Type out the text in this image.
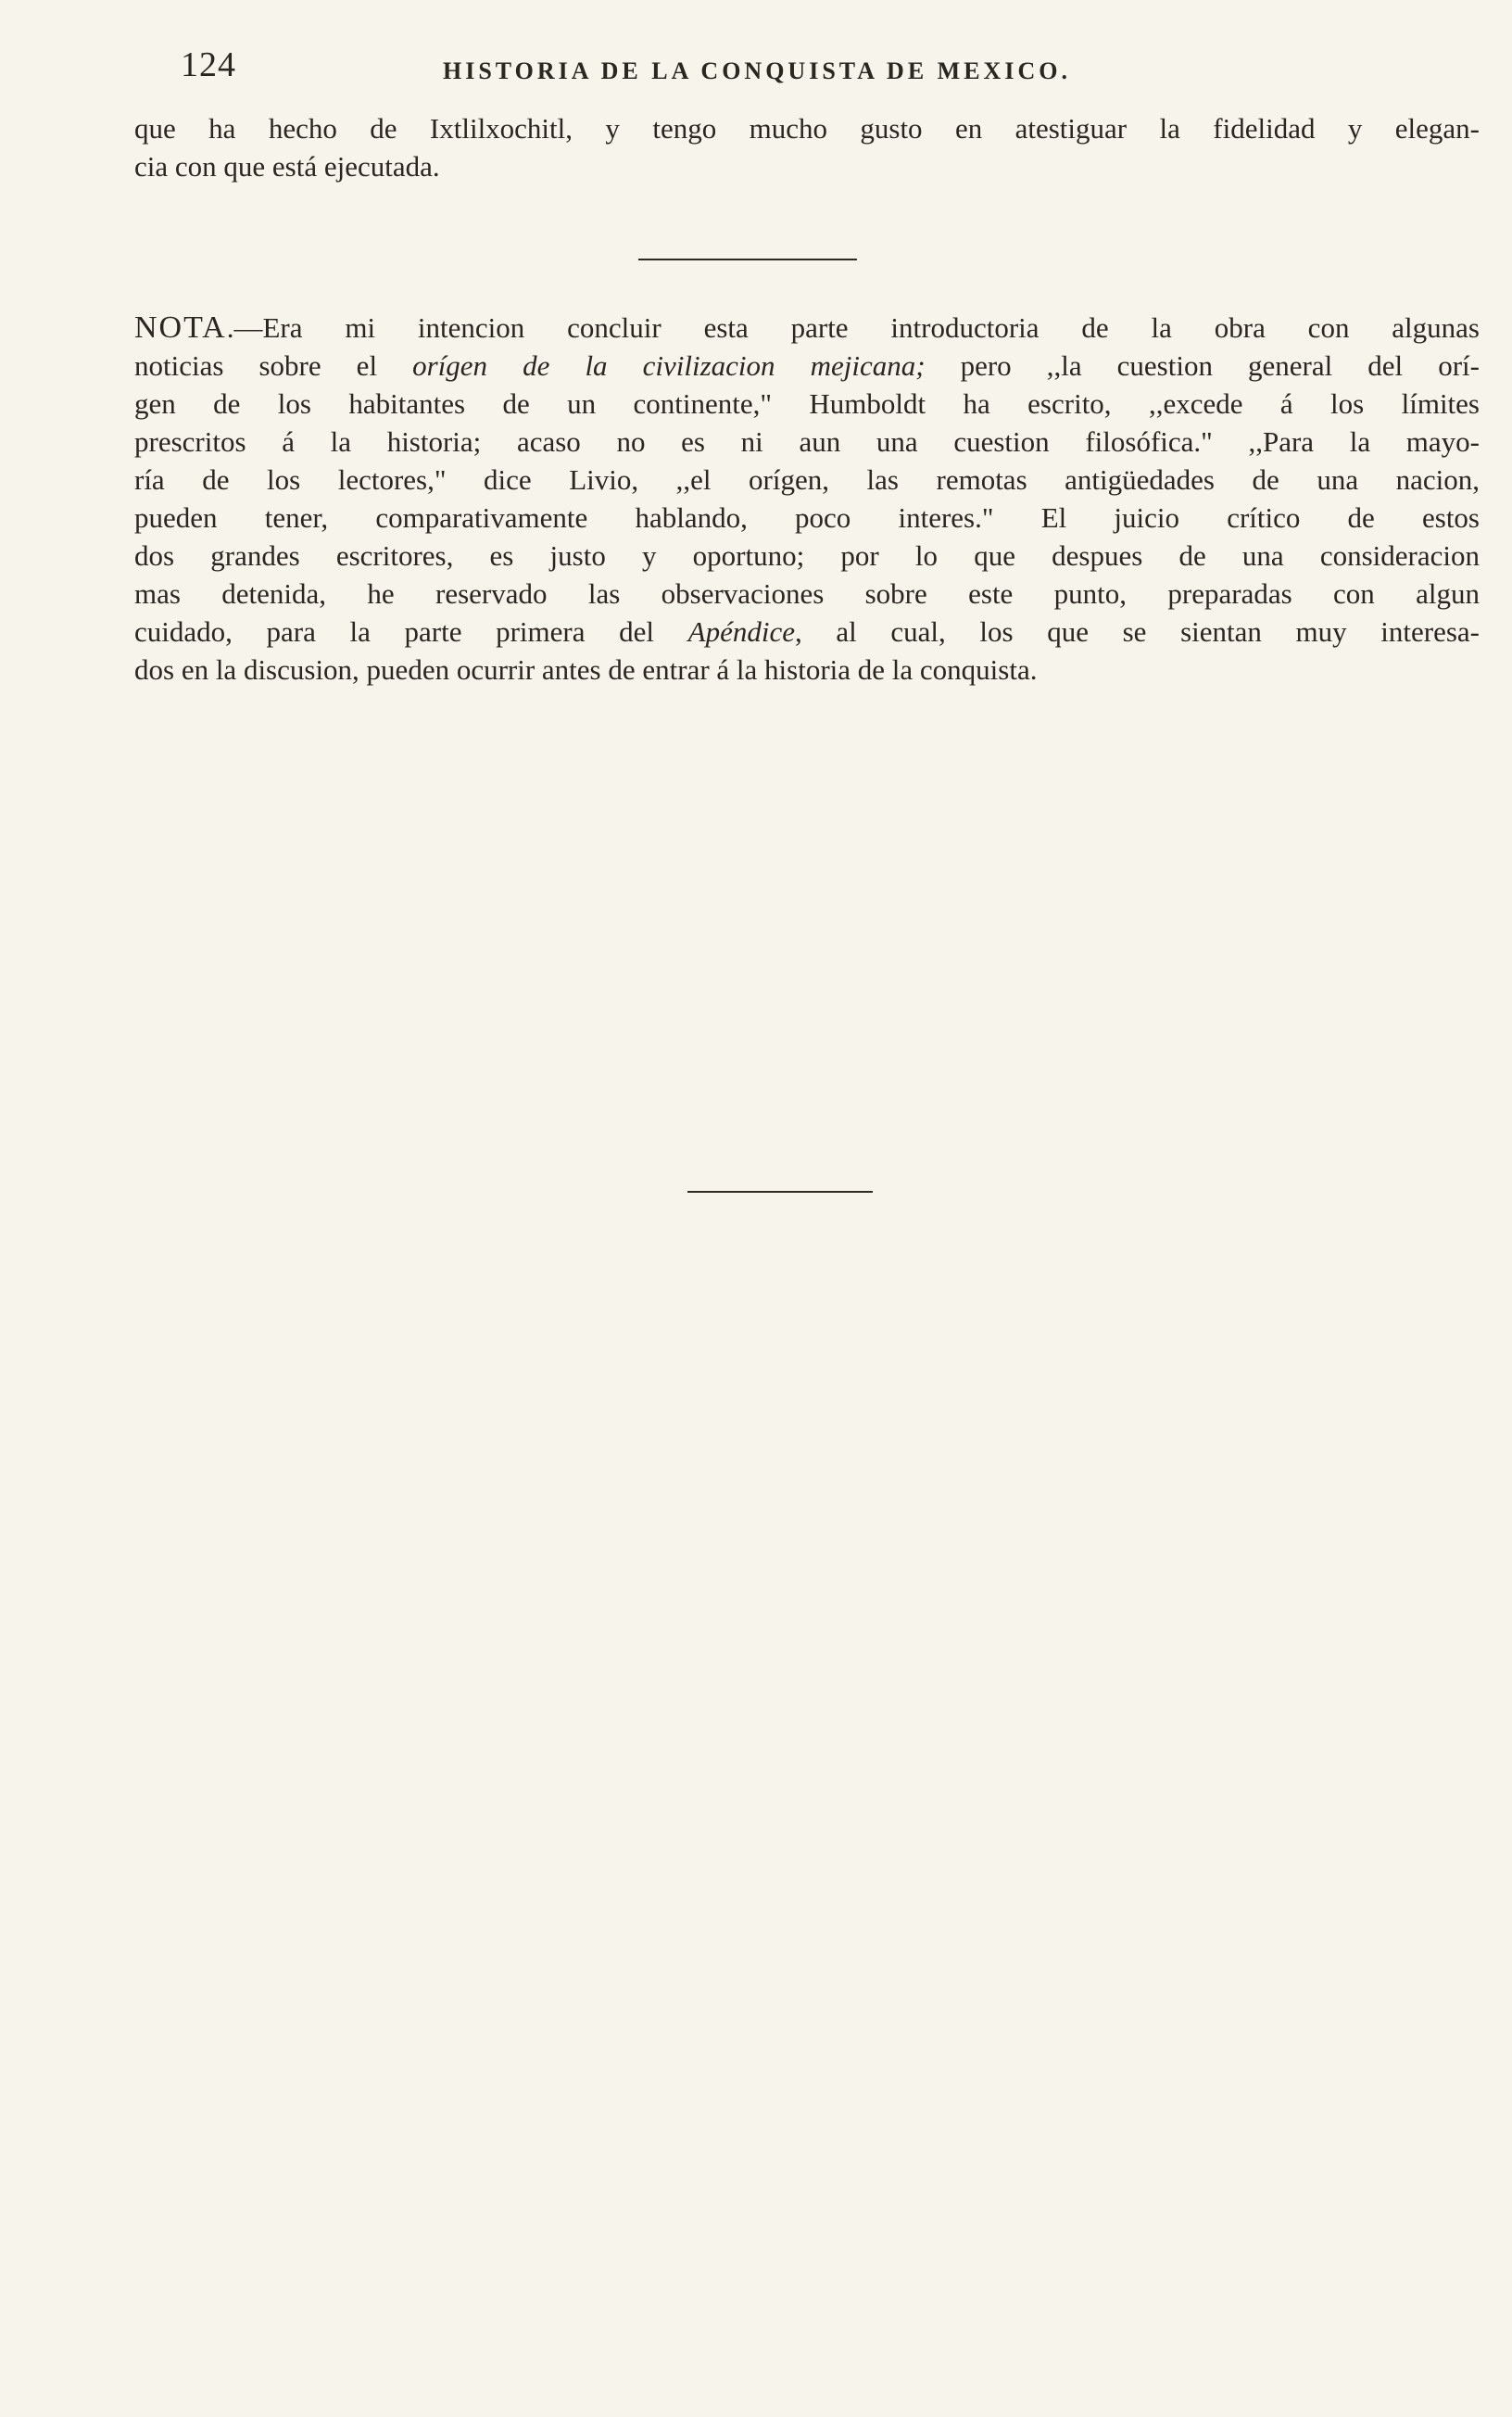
124	HISTORIA DE LA CONQUISTA DE MEXICO.
que ha hecho de Ixtlilxochitl, y tengo mucho gusto en atestiguar la fidelidad y elegan-
cia con que está ejecutada.
NOTA.—Era mi intencion concluir esta parte introductoria de la obra con algunas
noticias sobre el orígen de la civilizacion mejicana; pero ,,la cuestion general del orí-
gen de los habitantes de un continente," Humboldt ha escrito, ,,excede á los límites
prescritos á la historia; acaso no es ni aun una cuestion filosófica." ,,Para la mayo-
ría de los lectores," dice Livio, ,,el orígen, las remotas antigüedades de una nacion,
pueden tener, comparativamente hablando, poco interes." El juicio crítico de estos
dos grandes escritores, es justo y oportuno; por lo que despues de una consideracion
mas detenida, he reservado las observaciones sobre este punto, preparadas con algun
cuidado, para la parte primera del Apéndice, al cual, los que se sientan muy interesa-
dos en la discusion, pueden ocurrir antes de entrar á la historia de la conquista.
